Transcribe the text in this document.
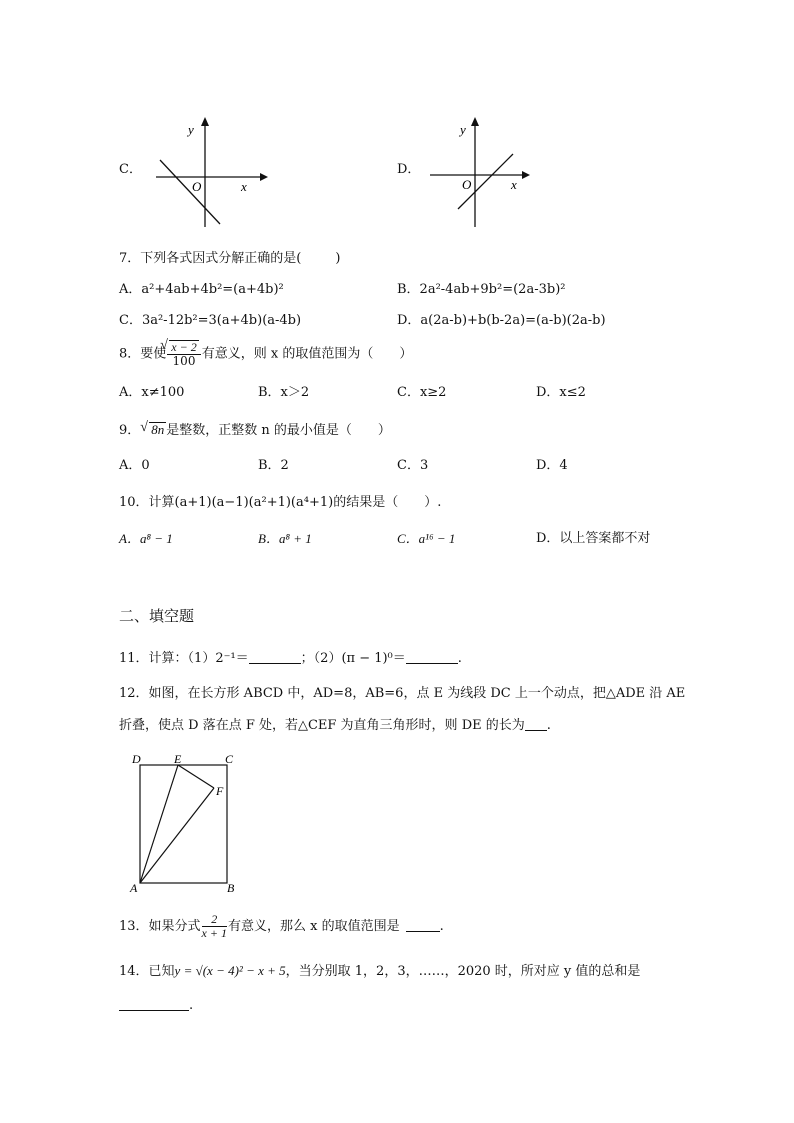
C．
y
x
O
D．
y
x
O
7．下列各式因式分解正确的是(	)
A．a²+4ab+4b²=(a+4b)²	B．2a²-4ab+9b²=(2a-3b)²
C．3a²-12b²=3(a+4b)(a-4b)	D．a(2a-b)+b(b-2a)=(a-b)(2a-b)
8．要使 √ $\frac{x - 2}{100}$ 有意义，则 x 的取值范围为（　　）
A．x≠100	B．x＞2	C．x≥2	D．x≤2
9． √ 8n 是整数，正整数 n 的最小值是（　　）
A．0	B．2	C．3	D．4
10．计算(a+1)(a−1)(a²+1)(a⁴+1)的结果是（　　）.
A．a⁸ − 1	B．a⁸ + 1	C．a¹⁶ − 1	D．以上答案都不对
二、填空题
11．计算：（1）2⁻¹＝	；（2）(π − 1)⁰＝	.
12．如图，在长方形 ABCD 中，AD=8，AB=6，点 E 为线段 DC 上一个动点，把△ADE 沿 AE
折叠，使点 D 落在点 F 处，若△CEF 为直角三角形时，则 DE 的长为 .
D	E	C
F
A	B
13．如果分式 $\frac{2}{x + 1}$ 有意义，那么 x 的取值范围是	.
14．已知y = √(x − 4)² − x + 5，当分别取 1，2，3，……，2020 时，所对应 y 值的总和是
.
